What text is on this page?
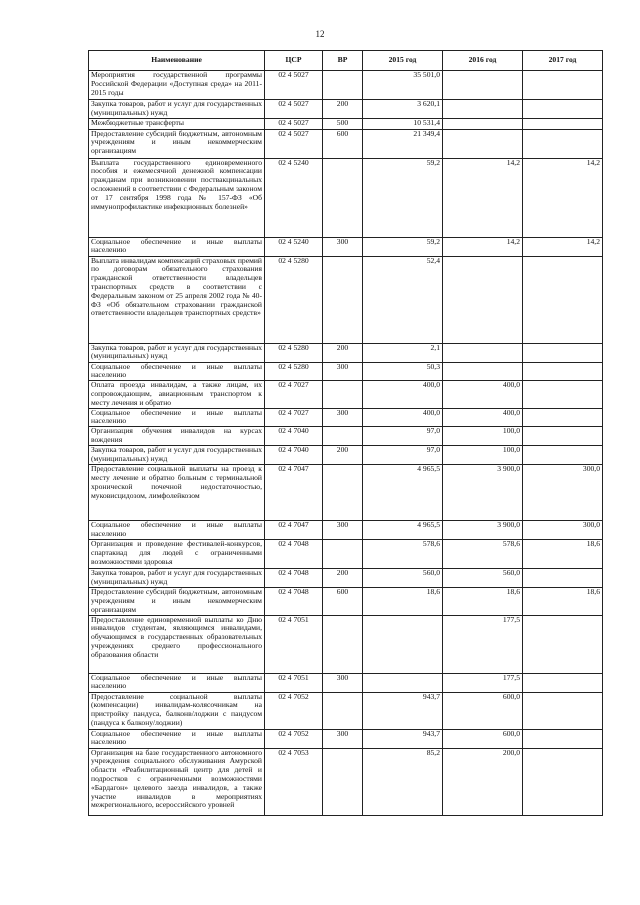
12
Наименование	ЦСР	ВР	2015 год	2016 год	2017 год
Мероприятия государственной программы Российской Федерации «Доступная среда» на 2011-2015 годы	02 4 5027		35 501,0		
Закупка товаров, работ и услуг для государственных (муниципальных) нужд	02 4 5027	200	3 620,1		
Межбюджетные трансферты	02 4 5027	500	10 531,4		
Предоставление субсидий бюджетным, автономным учреждениям и иным некоммерческим организациям	02 4 5027	600	21 349,4		
Выплата государственного единовременного пособия и ежемесячной денежной компенсации гражданам при возникновении поствакцинальных осложнений в соответствии с Федеральным законом от 17 сентября 1998 года № 157-ФЗ «Об иммунопрофилактике инфекционных болезней»	02 4 5240		59,2	14,2	14,2
Социальное обеспечение и иные выплаты населению	02 4 5240	300	59,2	14,2	14,2
Выплата инвалидам компенсаций страховых премий по договорам обязательного страхования гражданской ответственности владельцев транспортных средств в соответствии с Федеральным законом от 25 апреля 2002 года № 40-ФЗ «Об обязательном страховании гражданской ответственности владельцев транспортных средств»	02 4 5280		52,4		
Закупка товаров, работ и услуг для государственных (муниципальных) нужд	02 4 5280	200	2,1		
Социальное обеспечение и иные выплаты населению	02 4 5280	300	50,3		
Оплата проезда инвалидам, а также лицам, их сопровождающим, авиационным транспортом к месту лечения и обратно	02 4 7027		400,0	400,0	
Социальное обеспечение и иные выплаты населению	02 4 7027	300	400,0	400,0	
Организация обучения инвалидов на курсах вождения	02 4 7040		97,0	100,0	
Закупка товаров, работ и услуг для государственных (муниципальных) нужд	02 4 7040	200	97,0	100,0	
Предоставление социальной выплаты на проезд к месту лечение и обратно больным с терминальной хронической почечной недостаточностью, муковисцидозом, лимфолейкозом	02 4 7047		4 965,5	3 900,0	300,0
Социальное обеспечение и иные выплаты населению	02 4 7047	300	4 965,5	3 900,0	300,0
Организация и проведение фестивалей-конкурсов, спартакиад для людей с ограниченными возможностями здоровья	02 4 7048		578,6	578,6	18,6
Закупка товаров, работ и услуг для государственных (муниципальных) нужд	02 4 7048	200	560,0	560,0	
Предоставление субсидий бюджетным, автономным учреждениям и иным некоммерческим организациям	02 4 7048	600	18,6	18,6	18,6
Предоставление единовременной выплаты ко Дню инвалидов студентам, являющимся инвалидами, обучающимся в государственных образовательных учреждениях среднего профессионального образования области	02 4 7051			177,5	
Социальное обеспечение и иные выплаты населению	02 4 7051	300		177,5	
Предоставление социальной выплаты (компенсации) инвалидам-колясочникам на пристройку пандуса, балконв/лоджии с пандусом (пандуса к балкону/лоджии)	02 4 7052		943,7	600,0	
Социальное обеспечение и иные выплаты населению	02 4 7052	300	943,7	600,0	
Организация на базе государственного автономного учреждения социального обслуживания Амурской области «Реабилитационный центр для детей и подростков с ограниченными возможностями «Бардагон» целевого заезда инвалидов, а также участие инвалидов в мероприятиях межрегионального, всероссийского уровней	02 4 7053		85,2	200,0	
